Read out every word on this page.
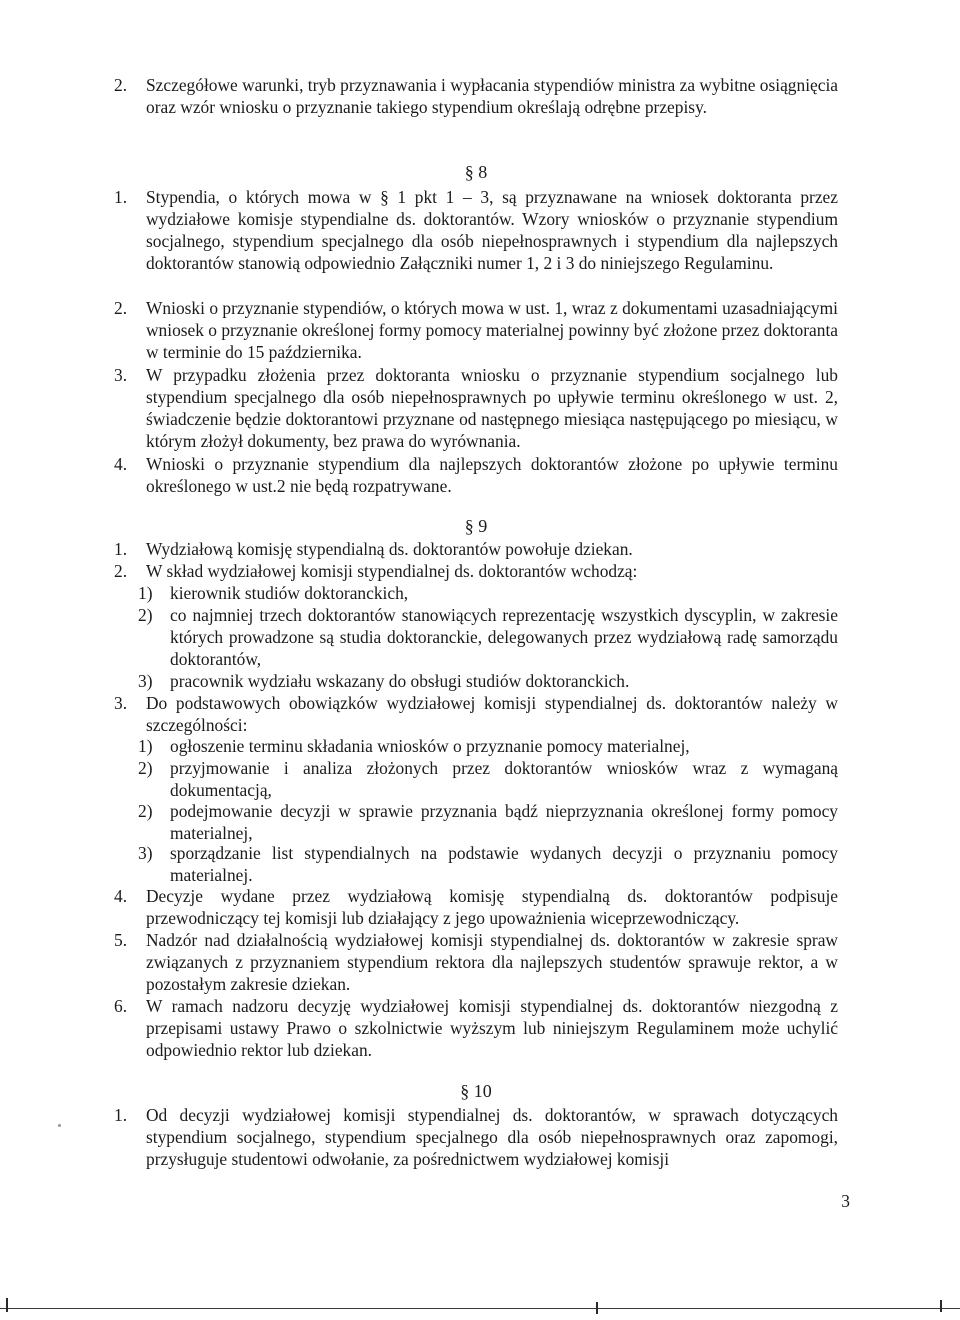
2.	Szczegółowe warunki, tryb przyznawania i wypłacania stypendiów ministra za wybitne osiągnięcia oraz wzór wniosku o przyznanie takiego stypendium określają odrębne przepisy.
§ 8
1.	Stypendia, o których mowa w § 1 pkt 1 – 3, są przyznawane na wniosek doktoranta przez wydziałowe komisje stypendialne ds. doktorantów. Wzory wniosków o przyznanie stypendium socjalnego, stypendium specjalnego dla osób niepełnosprawnych i stypendium dla najlepszych doktorantów stanowią odpowiednio Załączniki numer 1, 2 i 3 do niniejszego Regulaminu.
2.	Wnioski o przyznanie stypendiów, o których mowa w ust. 1, wraz z dokumentami uzasadniającymi wniosek o przyznanie określonej formy pomocy materialnej powinny być złożone przez doktoranta w terminie do 15 października.
3.	W przypadku złożenia przez doktoranta wniosku o przyznanie stypendium socjalnego lub stypendium specjalnego dla osób niepełnosprawnych po upływie terminu określonego w ust. 2, świadczenie będzie doktorantowi przyznane od następnego miesiąca następującego po miesiącu, w którym złożył dokumenty, bez prawa do wyrównania.
4.	Wnioski o przyznanie stypendium dla najlepszych doktorantów złożone po upływie terminu określonego w ust.2 nie będą rozpatrywane.
§ 9
1.	Wydziałową komisję stypendialną ds. doktorantów powołuje dziekan.
2.	W skład wydziałowej komisji stypendialnej ds. doktorantów wchodzą:
1)	kierownik studiów doktoranckich,
2)	co najmniej trzech doktorantów stanowiących reprezentację wszystkich dyscyplin, w zakresie których prowadzone są studia doktoranckie, delegowanych przez wydziałową radę samorządu doktorantów,
3)	pracownik wydziału wskazany do obsługi studiów doktoranckich.
3.	Do podstawowych obowiązków wydziałowej komisji stypendialnej ds. doktorantów należy w szczególności:
1)	ogłoszenie terminu składania wniosków o przyznanie pomocy materialnej,
2)	przyjmowanie i analiza złożonych przez doktorantów wniosków wraz z wymaganą dokumentacją,
2)	podejmowanie decyzji w sprawie przyznania bądź nieprzyznania określonej formy pomocy materialnej,
3)	sporządzanie list stypendialnych na podstawie wydanych decyzji o przyznaniu pomocy materialnej.
4.	Decyzje wydane przez wydziałową komisję stypendialną ds. doktorantów podpisuje przewodniczący tej komisji lub działający z jego upoważnienia wiceprzewodniczący.
5.	Nadzór nad działalnością wydziałowej komisji stypendialnej ds. doktorantów w zakresie spraw związanych z przyznaniem stypendium rektora dla najlepszych studentów sprawuje rektor, a w pozostałym zakresie dziekan.
6.	W ramach nadzoru decyzję wydziałowej komisji stypendialnej ds. doktorantów niezgodną z przepisami ustawy Prawo o szkolnictwie wyższym lub niniejszym Regulaminem może uchylić odpowiednio rektor lub dziekan.
§ 10
1.	Od decyzji wydziałowej komisji stypendialnej ds. doktorantów, w sprawach dotyczących stypendium socjalnego, stypendium specjalnego dla osób niepełnosprawnych oraz zapomogi, przysługuje studentowi odwołanie, za pośrednictwem wydziałowej komisji
3
